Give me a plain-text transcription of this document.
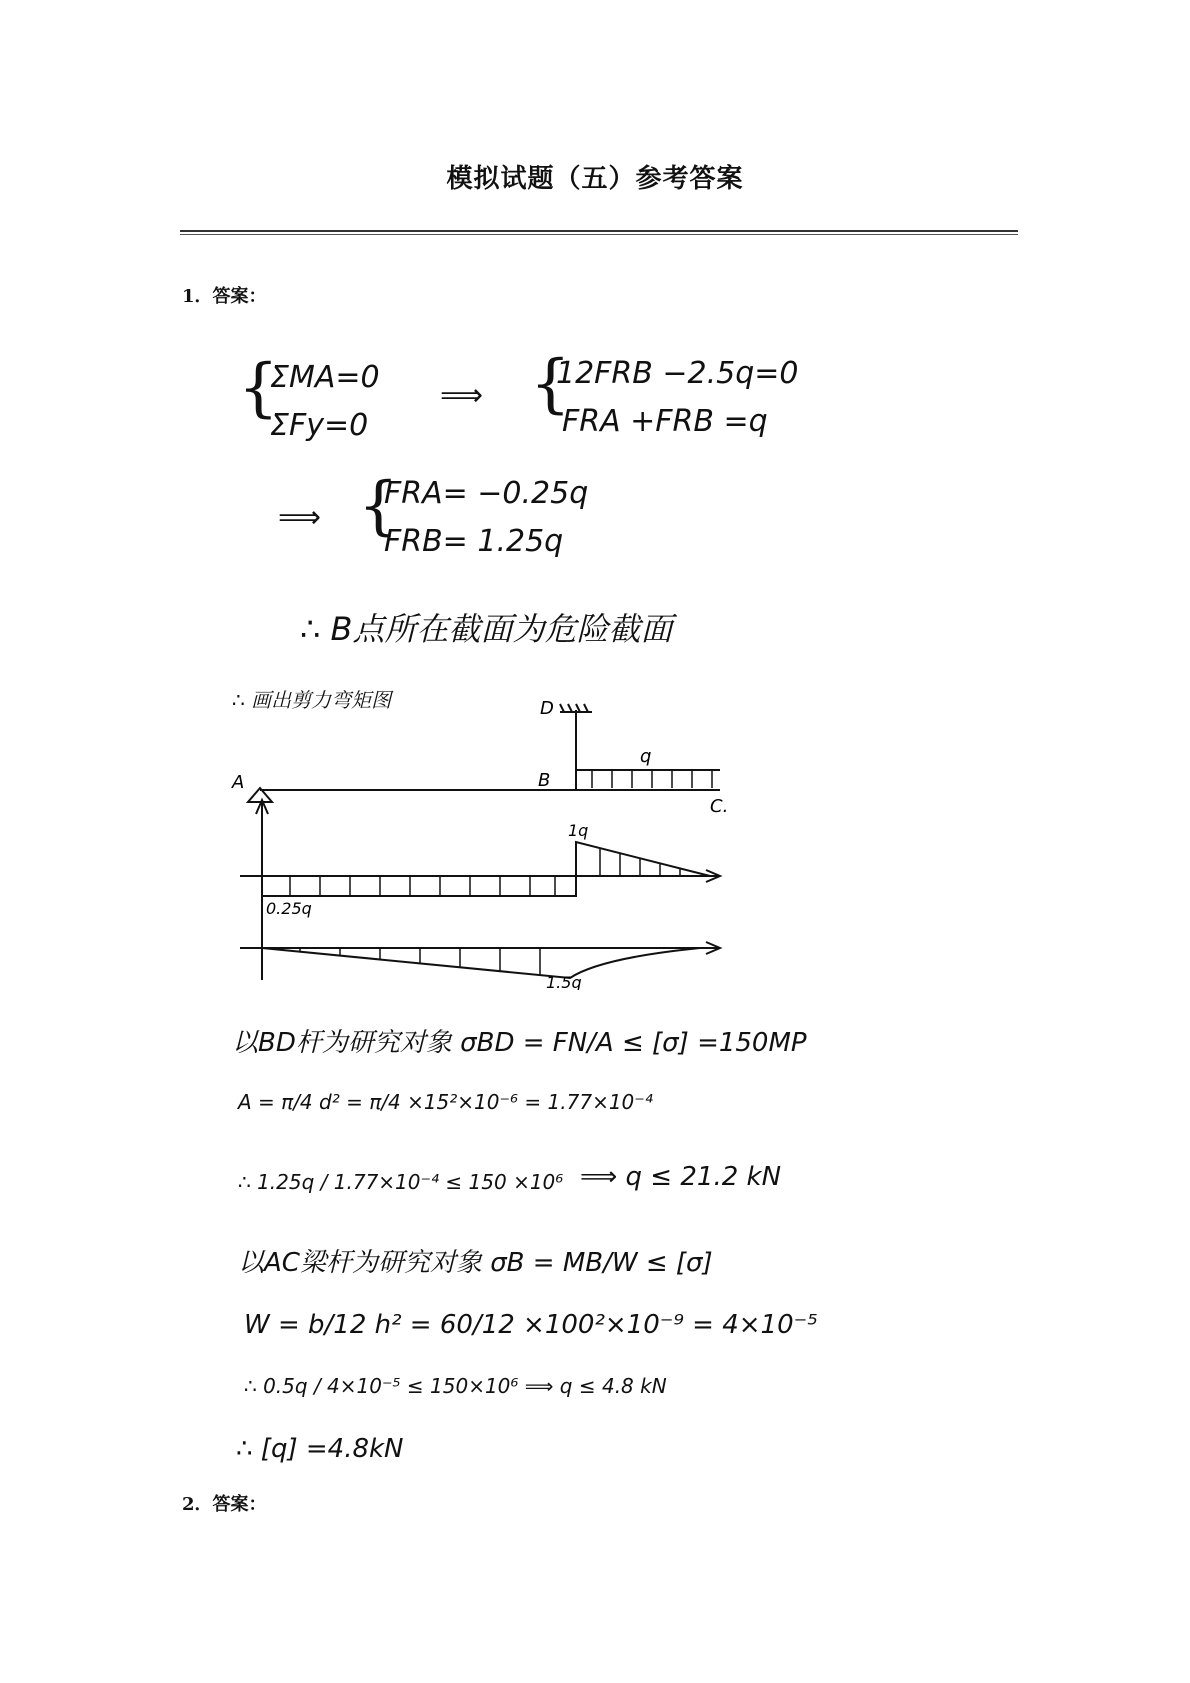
模拟试题（五）参考答案
1．答案：
{
ΣMA=0
ΣFy=0
⟹ {
12FRB −2.5q=0
FRA +FRB =q
⟹ {
FRA= −0.25q
FRB= 1.25q
∴ B点所在截面为危险截面
∴ 画出剪力弯矩图	D
A	B
C.
q
1q
0.25q
1.5q
以BD杆为研究对象 σBD = FN/A ≤ [σ] =150MP
A = π/4 d² = π/4 ×15²×10⁻⁶ = 1.77×10⁻⁴
∴ 1.25q / 1.77×10⁻⁴ ≤ 150 ×10⁶ ⟹ q ≤ 21.2 kN
以AC梁杆为研究对象 σB = MB/W ≤ [σ]
W = b/12 h² = 60/12 ×100²×10⁻⁹ = 4×10⁻⁵
∴ 0.5q / 4×10⁻⁵ ≤ 150×10⁶ ⟹ q ≤ 4.8 kN
∴ [q] =4.8kN
2．答案：
